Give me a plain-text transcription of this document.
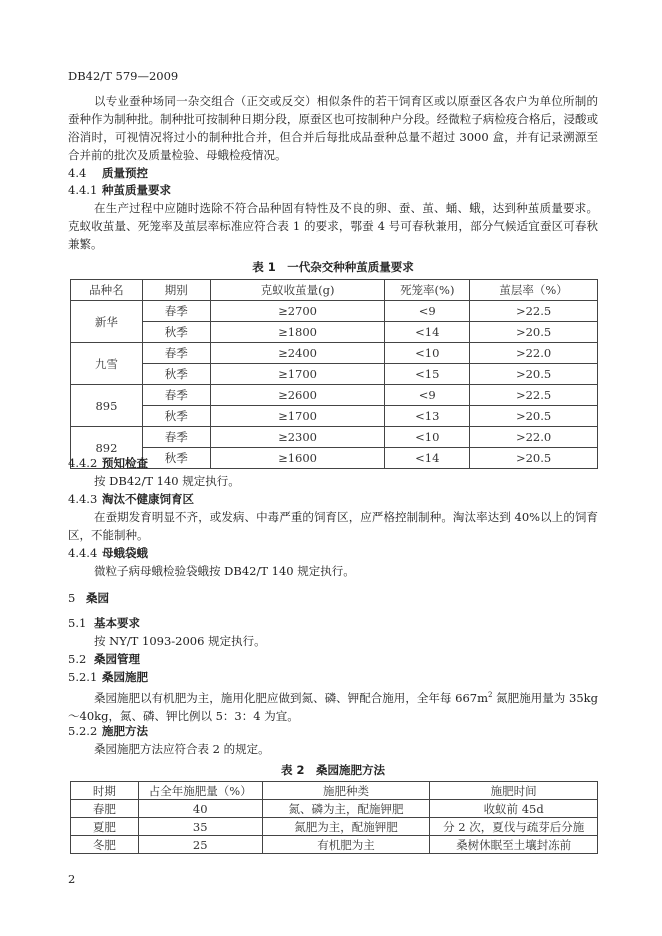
DB42/T 579—2009
以专业蚕种场同一杂交组合（正交或反交）相似条件的若干饲育区或以原蚕区各农户为单位所制的蚕种作为制种批。制种批可按制种日期分段，原蚕区也可按制种户分段。经微粒子病检疫合格后，浸酸或浴消时，可视情况将过小的制种批合并，但合并后每批成品蚕种总量不超过 3000 盒，并有记录溯源至合并前的批次及质量检验、母蛾检疫情况。
4.4 质量预控
4.4.1 种茧质量要求
在生产过程中应随时选除不符合品种固有特性及不良的卵、蚕、茧、蛹、蛾，达到种茧质量要求。克蚁收茧量、死笼率及茧层率标准应符合表 1 的要求，鄂蚕 4 号可春秋兼用，部分气候适宜蚕区可春秋兼繁。
表 1　一代杂交种种茧质量要求
品种名	期别	克蚁收茧量(g)	死笼率(%)	茧层率（%）
新华	春季	≥2700	<9	>22.5
	秋季	≥1800	<14	>20.5
九雪	春季	≥2400	<10	>22.0
	秋季	≥1700	<15	>20.5
895	春季	≥2600	<9	>22.5
	秋季	≥1700	<13	>20.5
892	春季	≥2300	<10	>22.0
	秋季	≥1600	<14	>20.5
4.4.2 预知检查
按 DB42/T 140 规定执行。
4.4.3 淘汰不健康饲育区
在蚕期发育明显不齐，或发病、中毒严重的饲育区，应严格控制制种。淘汰率达到 40%以上的饲育区，不能制种。
4.4.4 母蛾袋蛾
微粒子病母蛾检验袋蛾按 DB42/T 140 规定执行。
5 桑园
5.1 基本要求
按 NY/T 1093-2006 规定执行。
5.2 桑园管理
5.2.1 桑园施肥
桑园施肥以有机肥为主，施用化肥应做到氮、磷、钾配合施用，全年每 $667m^2$ 氮肥施用量为 35kg～40kg，氮、磷、钾比例以 5：3：4 为宜。
5.2.2 施肥方法
桑园施肥方法应符合表 2 的规定。
表 2　桑园施肥方法
时期	占全年施肥量（%）	施肥种类	施肥时间
春肥	40	氮、磷为主，配施钾肥	收蚁前 45d
夏肥	35	氮肥为主，配施钾肥	分 2 次，夏伐与疏芽后分施
冬肥	25	有机肥为主	桑树休眠至土壤封冻前
2
